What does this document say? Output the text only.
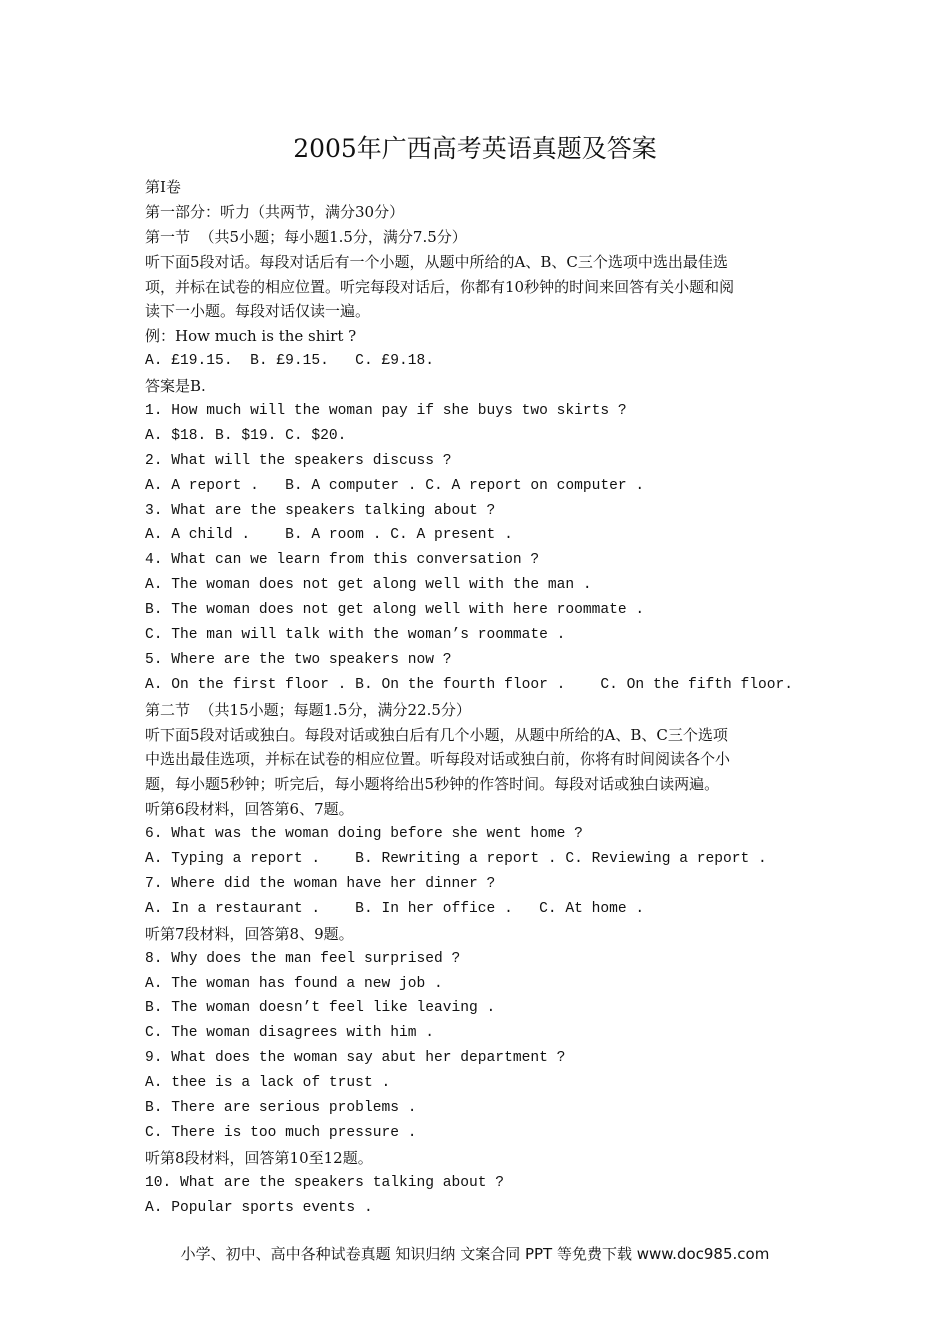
2005年广西高考英语真题及答案
第Ⅰ卷
第一部分：听力（共两节，满分30分）
第一节  （共5小题；每小题1.5分，满分7.5分）
听下面5段对话。每段对话后有一个小题，从题中所给的A、B、C三个选项中选出最佳选
项，并标在试卷的相应位置。听完每段对话后，你都有10秒钟的时间来回答有关小题和阅
读下一小题。每段对话仅读一遍。
例：How much is the shirt ?
A. £19.15.  B. £9.15.   C. £9.18.
答案是B.
1. How much will the woman pay if she buys two skirts ?
A. $18. B. $19. C. $20.
2. What will the speakers discuss ?
A. A report .   B. A computer . C. A report on computer .
3. What are the speakers talking about ?
A. A child .    B. A room . C. A present .
4. What can we learn from this conversation ?
A. The woman does not get along well with the man .
B. The woman does not get along well with here roommate .
C. The man will talk with the woman’s roommate .
5. Where are the two speakers now ?
A. On the first floor . B. On the fourth floor .    C. On the fifth floor.
第二节  （共15小题；每题1.5分，满分22.5分）
听下面5段对话或独白。每段对话或独白后有几个小题，从题中所给的A、B、C三个选项
中选出最佳选项，并标在试卷的相应位置。听每段对话或独白前，你将有时间阅读各个小
题，每小题5秒钟；听完后，每小题将给出5秒钟的作答时间。每段对话或独白读两遍。
听第6段材料，回答第6、7题。
6. What was the woman doing before she went home ?
A. Typing a report .    B. Rewriting a report . C. Reviewing a report .
7. Where did the woman have her dinner ?
A. In a restaurant .    B. In her office .   C. At home .
听第7段材料，回答第8、9题。
8. Why does the man feel surprised ?
A. The woman has found a new job .
B. The woman doesn’t feel like leaving .
C. The woman disagrees with him .
9. What does the woman say abut her department ?
A. thee is a lack of trust .
B. There are serious problems .
C. There is too much pressure .
听第8段材料，回答第10至12题。
10. What are the speakers talking about ?
A. Popular sports events .
小学、初中、高中各种试卷真题 知识归纳 文案合同 PPT 等免费下载 www.doc985.com
